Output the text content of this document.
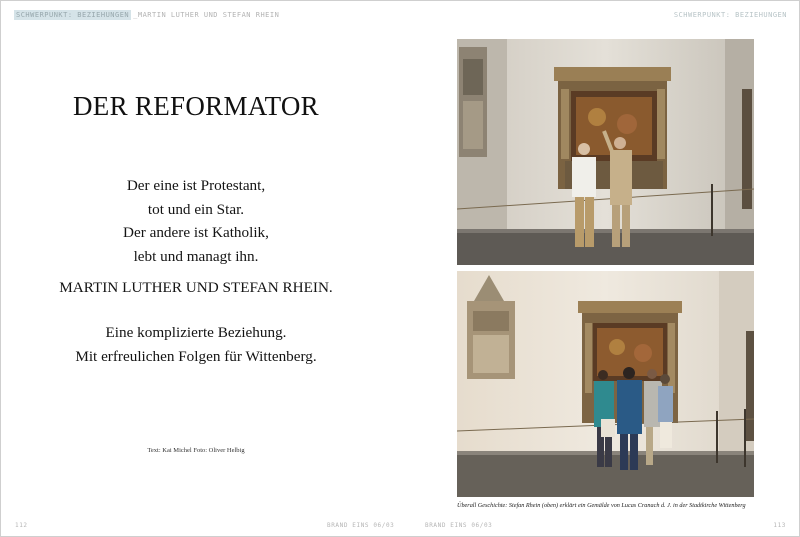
SCHWERPUNKT: BEZIEHUNGEN _MARTIN LUTHER UND STEFAN RHEIN	SCHWERPUNKT: BEZIEHUNGEN
DER REFORMATOR
Der eine ist Protestant,
tot und ein Star.
Der andere ist Katholik,
lebt und managt ihn.
MARTIN LUTHER UND STEFAN RHEIN.
Eine komplizierte Beziehung.
Mit erfreulichen Folgen für Wittenberg.
Text: Kai Michel Foto: Oliver Helbig
Überall Geschichte: Stefan Rhein (oben) erklärt ein Gemälde von Lucas Cranach d. J. in der Stadtkirche Wittenberg
112	BRAND EINS 06/03	BRAND EINS 06/03	113
